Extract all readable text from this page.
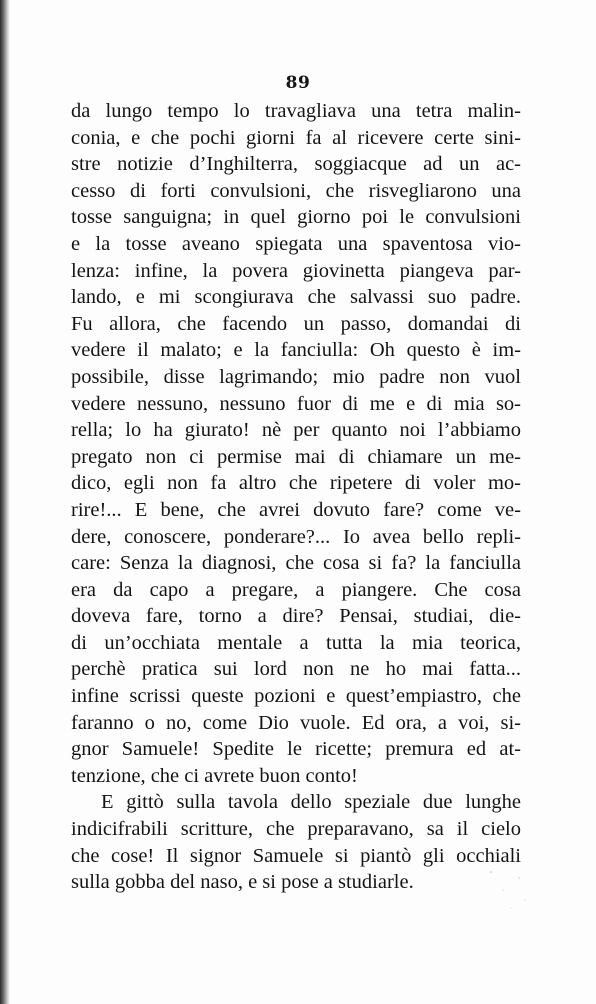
89
da lungo tempo lo travagliava una tetra malin-
conia, e che pochi giorni fa al ricevere certe sini-
stre notizie d’Inghilterra, soggiacque ad un ac-
cesso di forti convulsioni, che risvegliarono una
tosse sanguigna; in quel giorno poi le convulsioni
e la tosse aveano spiegata una spaventosa vio-
lenza: infine, la povera giovinetta piangeva par-
lando, e mi scongiurava che salvassi suo padre.
Fu allora, che facendo un passo, domandai di
vedere il malato; e la fanciulla: Oh questo è im-
possibile, disse lagrimando; mio padre non vuol
vedere nessuno, nessuno fuor di me e di mia so-
rella; lo ha giurato! nè per quanto noi l’abbiamo
pregato non ci permise mai di chiamare un me-
dico, egli non fa altro che ripetere di voler mo-
rire!... E bene, che avrei dovuto fare? come ve-
dere, conoscere, ponderare?... Io avea bello repli-
care: Senza la diagnosi, che cosa si fa? la fanciulla
era da capo a pregare, a piangere. Che cosa
doveva fare, torno a dire? Pensai, studiai, die-
di un’occhiata mentale a tutta la mia teorica,
perchè pratica sui lord non ne ho mai fatta...
infine scrissi queste pozioni e quest’empiastro, che
faranno o no, come Dio vuole. Ed ora, a voi, si-
gnor Samuele! Spedite le ricette; premura ed at-
tenzione, che ci avrete buon conto!
E gittò sulla tavola dello speziale due lunghe
indicifrabili scritture, che preparavano, sa il cielo
che cose! Il signor Samuele si piantò gli occhiali
sulla gobba del naso, e si pose a studiarle.
